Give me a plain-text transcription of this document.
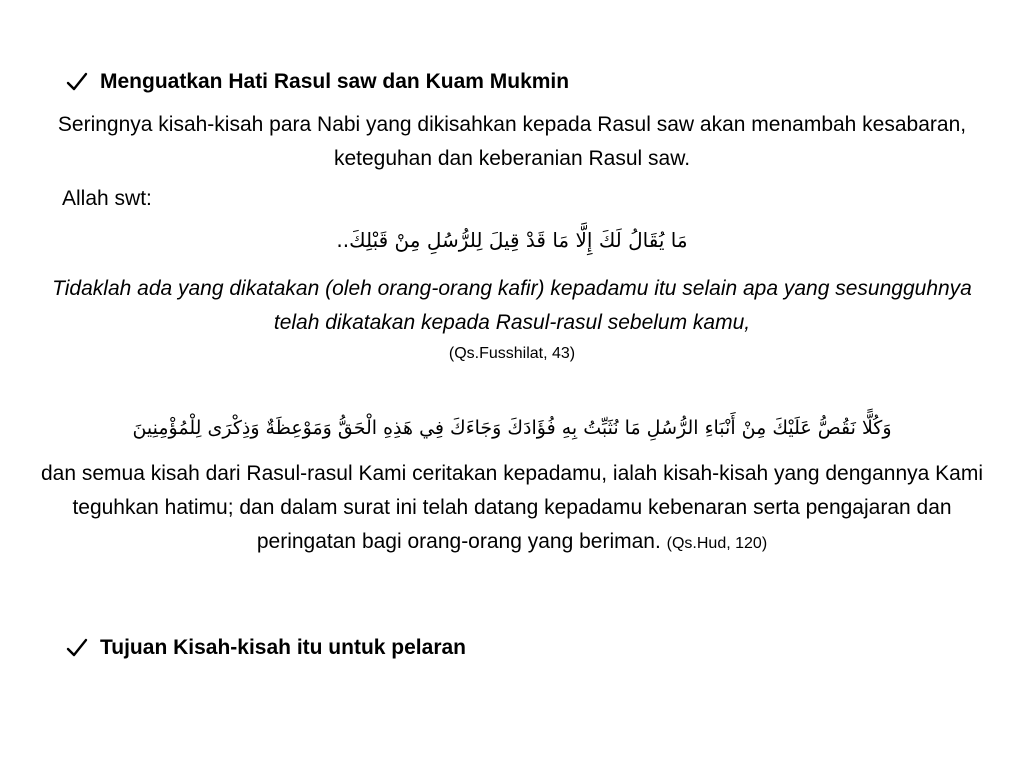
Menguatkan Hati Rasul saw dan Kuam Mukmin
Seringnya kisah-kisah para Nabi yang dikisahkan kepada Rasul saw akan menambah kesabaran, keteguhan dan keberanian Rasul saw.
Allah swt:
مَا يُقَالُ لَكَ إِلَّا مَا قَدْ قِيلَ لِلرُّسُلِ مِنْ قَبْلِكَ..
Tidaklah ada yang dikatakan (oleh orang-orang kafir) kepadamu itu selain apa yang sesungguhnya telah dikatakan kepada Rasul-rasul sebelum kamu,
(Qs.Fusshilat, 43)
وَكُلًّا نَقُصُّ عَلَيْكَ مِنْ أَنْبَاءِ الرُّسُلِ مَا نُثَبِّتُ بِهِ فُؤَادَكَ وَجَاءَكَ فِي هَذِهِ الْحَقُّ وَمَوْعِظَةٌ وَذِكْرَى لِلْمُؤْمِنِينَ
dan semua kisah dari Rasul-rasul Kami ceritakan kepadamu, ialah kisah-kisah yang dengannya Kami teguhkan hatimu; dan dalam surat ini telah datang kepadamu kebenaran serta pengajaran dan peringatan bagi orang-orang yang beriman. (Qs.Hud, 120)
Tujuan Kisah-kisah itu untuk pelaran
